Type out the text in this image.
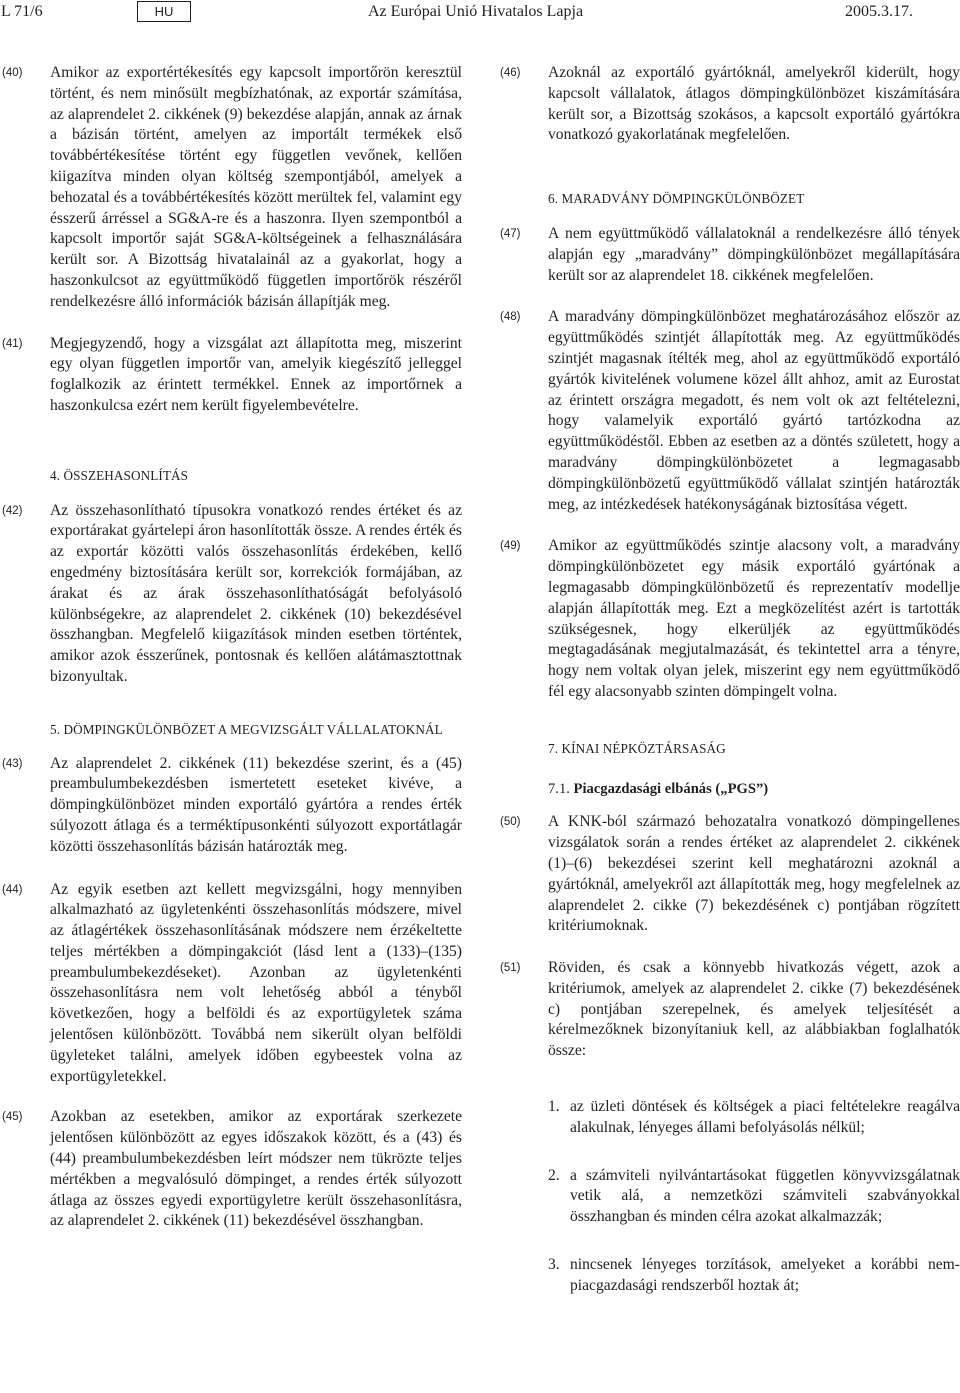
L 71/6	HU	Az Európai Unió Hivatalos Lapja	2005.3.17.
(40) Amikor az exportértékesítés egy kapcsolt importőrön keresztül történt, és nem minősült megbízhatónak, az exportár számítása, az alaprendelet 2. cikkének (9) bekezdése alapján, annak az árnak a bázisán történt, amelyen az importált termékek első továbbértékesítése történt egy független vevőnek, kellően kiigazítva minden olyan költség szempontjából, amelyek a behozatal és a továbbértékesítés között merültek fel, valamint egy ésszerű árréssel a SG&A-re és a haszonra. Ilyen szempontból a kapcsolt importőr saját SG&A-költségeinek a felhasználására került sor. A Bizottság hivatalainál az a gyakorlat, hogy a haszonkulcsot az együttműködő független importőrök részéről rendelkezésre álló információk bázisán állapítják meg.
(41) Megjegyzendő, hogy a vizsgálat azt állapította meg, miszerint egy olyan független importőr van, amelyik kiegészítő jelleggel foglalkozik az érintett termékkel. Ennek az importőrnek a haszonkulcsa ezért nem került figyelembevételre.
4. ÖSSZEHASONLÍTÁS
(42) Az összehasonlítható típusokra vonatkozó rendes értéket és az exportárakat gyártelepi áron hasonlították össze. A rendes érték és az exportár közötti valós összehasonlítás érdekében, kellő engedmény biztosítására került sor, korrekciók formájában, az árakat és az árak összehasonlíthatóságát befolyásoló különbségekre, az alaprendelet 2. cikkének (10) bekezdésével összhangban. Megfelelő kiigazítások minden esetben történtek, amikor azok ésszerűnek, pontosnak és kellően alátámasztottnak bizonyultak.
5. DÖMPINGKÜLÖNBÖZET A MEGVIZSGÁLT VÁLLALATOKNÁL
(43) Az alaprendelet 2. cikkének (11) bekezdése szerint, és a (45) preambulumbekezdésben ismertetett eseteket kivéve, a dömpingkülönbözet minden exportáló gyártóra a rendes érték súlyozott átlaga és a terméktípusonkénti súlyozott exportátlagár közötti összehasonlítás bázisán határozták meg.
(44) Az egyik esetben azt kellett megvizsgálni, hogy mennyiben alkalmazható az ügyletenkénti összehasonlítás módszere, mivel az átlagértékek összehasonlításának módszere nem érzékeltette teljes mértékben a dömpingakciót (lásd lent a (133)–(135) preambulumbekezdéseket). Azonban az ügyletenkénti összehasonlításra nem volt lehetőség abból a tényből következően, hogy a belföldi és az exportügyletek száma jelentősen különbözött. Továbbá nem sikerült olyan belföldi ügyleteket találni, amelyek időben egybeestek volna az exportügyletekkel.
(45) Azokban az esetekben, amikor az exportárak szerkezete jelentősen különbözött az egyes időszakok között, és a (43) és (44) preambulumbekezdésben leírt módszer nem tükrözte teljes mértékben a megvalósuló dömpinget, a rendes érték súlyozott átlaga az összes egyedi exportügyletre került összehasonlításra, az alaprendelet 2. cikkének (11) bekezdésével összhangban.
(46) Azoknál az exportáló gyártóknál, amelyekről kiderült, hogy kapcsolt vállalatok, átlagos dömpingkülönbözet kiszámítására került sor, a Bizottság szokásos, a kapcsolt exportáló gyártókra vonatkozó gyakorlatának megfelelően.
6. MARADVÁNY DÖMPINGKÜLÖNBÖZET
(47) A nem együttműködő vállalatoknál a rendelkezésre álló tények alapján egy „maradvány” dömpingkülönbözet megállapítására került sor az alaprendelet 18. cikkének megfelelően.
(48) A maradvány dömpingkülönbözet meghatározásához először az együttműködés szintjét állapították meg. Az együttműködés szintjét magasnak ítélték meg, ahol az együttműködő exportáló gyártók kivitelének volumene közel állt ahhoz, amit az Eurostat az érintett országra megadott, és nem volt ok azt feltételezni, hogy valamelyik exportáló gyártó tartózkodna az együttműködéstől. Ebben az esetben az a döntés született, hogy a maradvány dömpingkülönbözetet a legmagasabb dömpingkülönbözetű együttműködő vállalat szintjén határozták meg, az intézkedések hatékonyságának biztosítása végett.
(49) Amikor az együttműködés szintje alacsony volt, a maradvány dömpingkülönbözetet egy másik exportáló gyártónak a legmagasabb dömpingkülönbözetű és reprezentatív modellje alapján állapították meg. Ezt a megközelítést azért is tartották szükségesnek, hogy elkerüljék az együttműködés megtagadásának megjutalmazását, és tekintettel arra a tényre, hogy nem voltak olyan jelek, miszerint egy nem együttműködő fél egy alacsonyabb szinten dömpingelt volna.
7. KÍNAI NÉPKÖZTÁRSASÁG
7.1. Piacgazdasági elbánás („PGS”)
(50) A KNK-ból származó behozatalra vonatkozó dömpingellenes vizsgálatok során a rendes értéket az alaprendelet 2. cikkének (1)–(6) bekezdései szerint kell meghatározni azoknál a gyártóknál, amelyekről azt állapították meg, hogy megfelelnek az alaprendelet 2. cikke (7) bekezdésének c) pontjában rögzített kritériumoknak.
(51) Röviden, és csak a könnyebb hivatkozás végett, azok a kritériumok, amelyek az alaprendelet 2. cikke (7) bekezdésének c) pontjában szerepelnek, és amelyek teljesítését a kérelmezőknek bizonyítaniuk kell, az alábbiakban foglalhatók össze:
1. az üzleti döntések és költségek a piaci feltételekre reagálva alakulnak, lényeges állami befolyásolás nélkül;
2. a számviteli nyilvántartásokat független könyvvizsgálatnak vetik alá, a nemzetközi számviteli szabványokkal összhangban és minden célra azokat alkalmazzák;
3. nincsenek lényeges torzítások, amelyeket a korábbi nem-piacgazdasági rendszerből hoztak át;
